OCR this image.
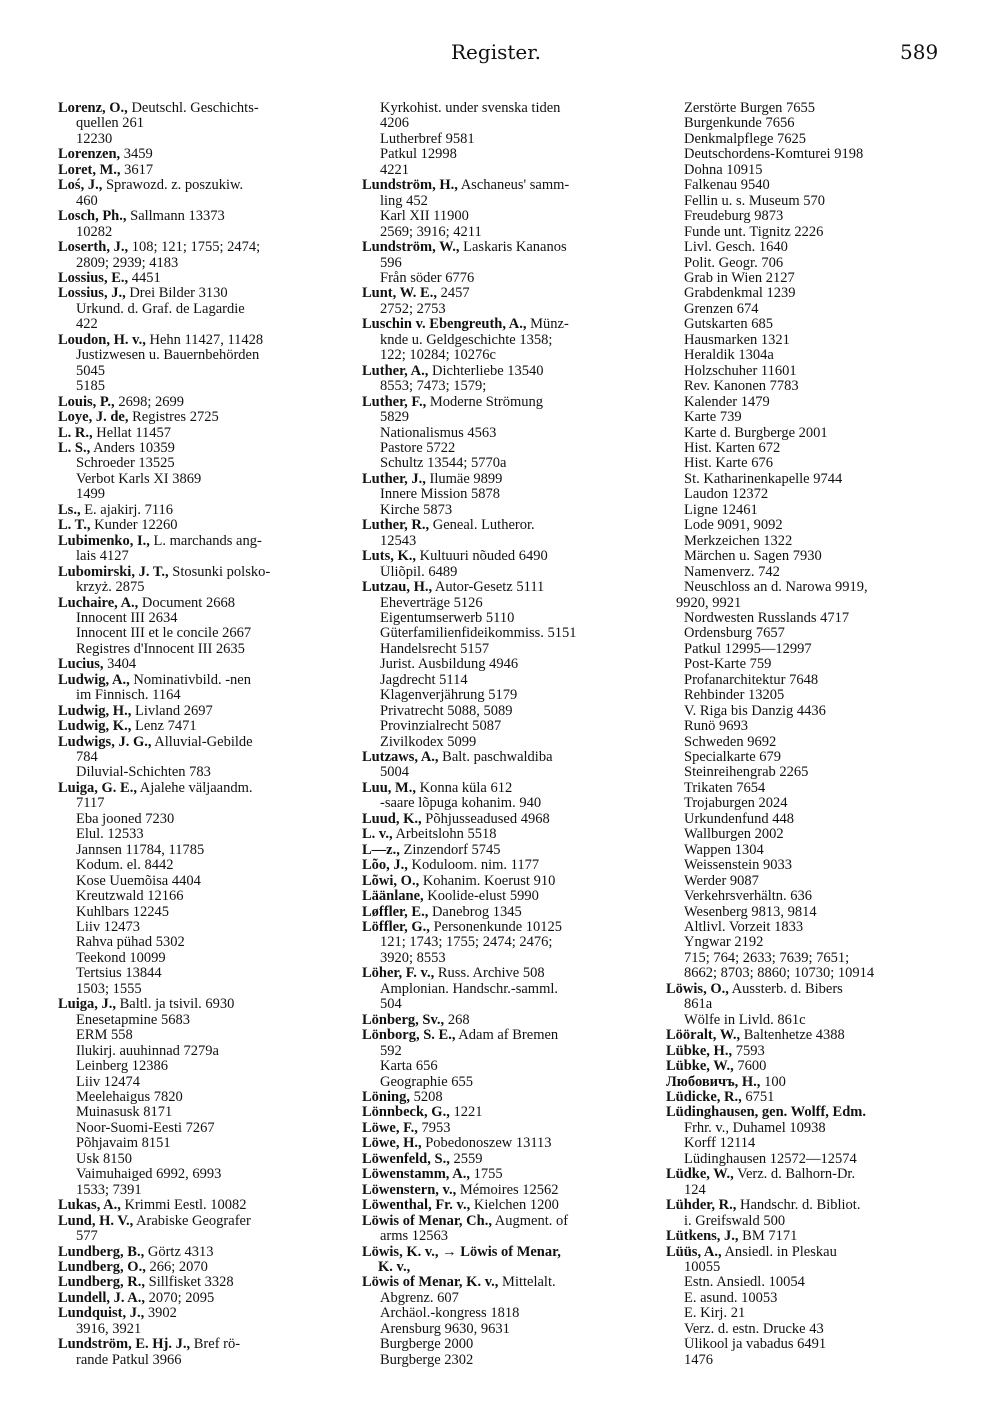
Register.	589
Lorenz, O., Deutschl. Geschichts-
quellen 261
12230
Lorenzen, 3459
Loret, M., 3617
Loś, J., Sprawozd. z. poszukiw.
460
Losch, Ph., Sallmann 13373
10282
Loserth, J., 108; 121; 1755; 2474;
2809; 2939; 4183
Lossius, E., 4451
Lossius, J., Drei Bilder 3130
Urkund. d. Graf. de Lagardie
422
Loudon, H. v., Hehn 11427, 11428
Justizwesen u. Bauernbehörden
5045
5185
Louis, P., 2698; 2699
Loye, J. de, Registres 2725
L. R., Hellat 11457
L. S., Anders 10359
Schroeder 13525
Verbot Karls XI 3869
1499
Ls., E. ajakirj. 7116
L. T., Kunder 12260
Lubimenko, I., L. marchands ang-
lais 4127
Lubomirski, J. T., Stosunki polsko-
krzyż. 2875
Luchaire, A., Document 2668
Innocent III 2634
Innocent III et le concile 2667
Registres d'Innocent III 2635
Lucius, 3404
Ludwig, A., Nominativbild. -nen
im Finnisch. 1164
Ludwig, H., Livland 2697
Ludwig, K., Lenz 7471
Ludwigs, J. G., Alluvial-Gebilde
784
Diluvial-Schichten 783
Luiga, G. E., Ajalehe väljaandm.
7117
Eba jooned 7230
Elul. 12533
Jannsen 11784, 11785
Kodum. el. 8442
Kose Uuemõisa 4404
Kreutzwald 12166
Kuhlbars 12245
Liiv 12473
Rahva pühad 5302
Teekond 10099
Tertsius 13844
1503; 1555
Luiga, J., Baltl. ja tsivil. 6930
Enesetapmine 5683
ERM 558
Ilukirj. auuhinnad 7279a
Leinberg 12386
Liiv 12474
Meelehaigus 7820
Muinasusk 8171
Noor-Suomi-Eesti 7267
Põhjavaim 8151
Usk 8150
Vaimuhaiged 6992, 6993
1533; 7391
Lukas, A., Krimmi Eestl. 10082
Lund, H. V., Arabiske Geografer
577
Lundberg, B., Görtz 4313
Lundberg, O., 266; 2070
Lundberg, R., Sillfisket 3328
Lundell, J. A., 2070; 2095
Lundquist, J., 3902
3916, 3921
Lundström, E. Hj. J., Bref rö-
rande Patkul 3966
Kyrkohist. under svenska tiden
4206
Lutherbref 9581
Patkul 12998
4221
Lundström, H., Aschaneus' samm-
ling 452
Karl XII 11900
2569; 3916; 4211
Lundström, W., Laskaris Kananos
596
Från söder 6776
Lunt, W. E., 2457
2752; 2753
Luschin v. Ebengreuth, A., Münz-
knde u. Geldgeschichte 1358;
122; 10284; 10276c
Luther, A., Dichterliebe 13540
8553; 7473; 1579;
Luther, F., Moderne Strömung
5829
Nationalismus 4563
Pastore 5722
Schultz 13544; 5770a
Luther, J., Ilumäe 9899
Innere Mission 5878
Kirche 5873
Luther, R., Geneal. Lutheror.
12543
Luts, K., Kultuuri nõuded 6490
Üliõpil. 6489
Lutzau, H., Autor-Gesetz 5111
Eheverträge 5126
Eigentumserwerb 5110
Güterfamilienfideikommiss. 5151
Handelsrecht 5157
Jurist. Ausbildung 4946
Jagdrecht 5114
Klagenverjährung 5179
Privatrecht 5088, 5089
Provinzialrecht 5087
Zivilkodex 5099
Lutzaws, A., Balt. paschwaldiba
5004
Luu, M., Konna küla 612
-saare lõpuga kohanim. 940
Luud, K., Põhjusseadused 4968
L. v., Arbeitslohn 5518
L—z., Zinzendorf 5745
Lõo, J., Koduloom. nim. 1177
Lõwi, O., Kohanim. Koerust 910
Läänlane, Koolide-elust 5990
Løffler, E., Danebrog 1345
Löffler, G., Personenkunde 10125
121; 1743; 1755; 2474; 2476;
3920; 8553
Löher, F. v., Russ. Archive 508
Amplonian. Handschr.-samml.
504
Lönberg, Sv., 268
Lönborg, S. E., Adam af Bremen
592
Karta 656
Geographie 655
Löning, 5208
Lönnbeck, G., 1221
Löwe, F., 7953
Löwe, H., Pobedonoszew 13113
Löwenfeld, S., 2559
Löwenstamm, A., 1755
Löwenstern, v., Mémoires 12562
Löwenthal, Fr. v., Kielchen 1200
Löwis of Menar, Ch., Augment. of
arms 12563
Löwis, K. v., → Löwis of Menar,
K. v.,
Löwis of Menar, K. v., Mittelalt.
Abgrenz. 607
Archäol.-kongress 1818
Arensburg 9630, 9631
Burgberge 2000
Burgberge 2302
Zerstörte Burgen 7655
Burgenkunde 7656
Denkmalpflege 7625
Deutschordens-Komturei 9198
Dohna 10915
Falkenau 9540
Fellin u. s. Museum 570
Freudeburg 9873
Funde unt. Tignitz 2226
Livl. Gesch. 1640
Polit. Geogr. 706
Grab in Wien 2127
Grabdenkmal 1239
Grenzen 674
Gutskarten 685
Hausmarken 1321
Heraldik 1304a
Holzschuher 11601
Rev. Kanonen 7783
Kalender 1479
Karte 739
Karte d. Burgberge 2001
Hist. Karten 672
Hist. Karte 676
St. Katharinenkapelle 9744
Laudon 12372
Ligne 12461
Lode 9091, 9092
Merkzeichen 1322
Märchen u. Sagen 7930
Namenverz. 742
Neuschloss an d. Narowa 9919,
9920, 9921
Nordwesten Russlands 4717
Ordensburg 7657
Patkul 12995—12997
Post-Karte 759
Profanarchitektur 7648
Rehbinder 13205
V. Riga bis Danzig 4436
Runö 9693
Schweden 9692
Specialkarte 679
Steinreihengrab 2265
Trikaten 7654
Trojaburgen 2024
Urkundenfund 448
Wallburgen 2002
Wappen 1304
Weissenstein 9033
Werder 9087
Verkehrsverhältn. 636
Wesenberg 9813, 9814
Altlivl. Vorzeit 1833
Yngwar 2192
715; 764; 2633; 7639; 7651;
8662; 8703; 8860; 10730; 10914
Löwis, O., Aussterb. d. Bibers
861a
Wölfe in Livld. 861c
Lööralt, W., Baltenhetze 4388
Lübke, H., 7593
Lübke, W., 7600
Любовичъ, Н., 100
Lüdicke, R., 6751
Lüdinghausen, gen. Wolff, Edm.
Frhr. v., Duhamel 10938
Korff 12114
Lüdinghausen 12572—12574
Lüdke, W., Verz. d. Balhorn-Dr.
124
Lühder, R., Handschr. d. Bibliot.
i. Greifswald 500
Lütkens, J., BM 7171
Lüüs, A., Ansiedl. in Pleskau
10055
Estn. Ansiedl. 10054
E. asund. 10053
E. Kirj. 21
Verz. d. estn. Drucke 43
Ülikool ja vabadus 6491
1476
